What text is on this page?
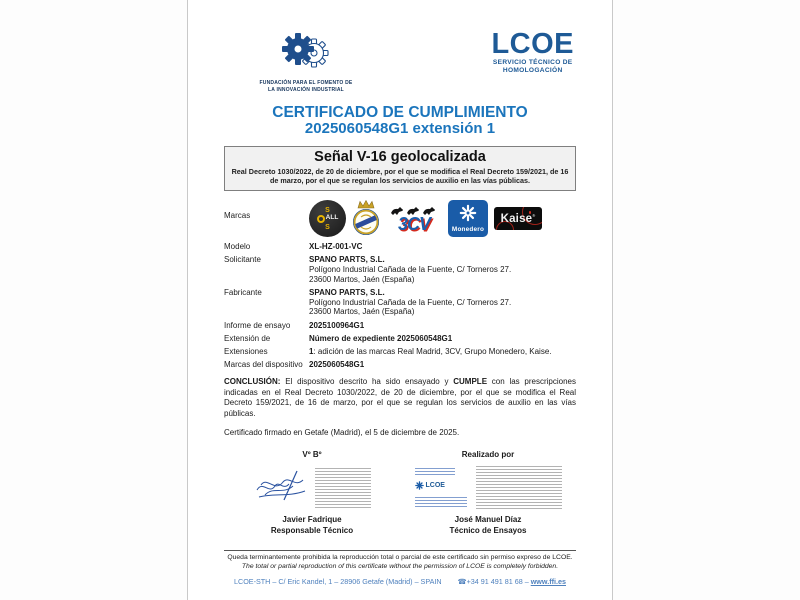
FUNDACIÓN PARA EL FOMENTO DE
LA INNOVACIÓN INDUSTRIAL
LCOE
SERVICIO TÉCNICO DE
HOMOLOGACIÓN
CERTIFICADO DE CUMPLIMIENTO
2025060548G1 extensión 1
Señal V-16 geolocalizada
Real Decreto 1030/2022, de 20 de diciembre, por el que se modifica el Real Decreto 159/2021, de 16 de marzo, por el que se regulan los servicios de auxilio en las vías públicas.
Marcas
S
ALL
S	3CV	Monedero
Kaise®
Modelo	XL-HZ-001-VC
Solicitante	SPANO PARTS, S.L.
Polígono Industrial Cañada de la Fuente, C/ Torneros 27.
23600 Martos, Jaén (España)
Fabricante	SPANO PARTS, S.L.
Polígono Industrial Cañada de la Fuente, C/ Torneros 27.
23600 Martos, Jaén (España)
Informe de ensayo	2025100964G1
Extensión de	Número de expediente 2025060548G1
Extensiones	1: adición de las marcas Real Madrid, 3CV, Grupo Monedero, Kaise.
Marcas del dispositivo 2025060548G1
CONCLUSIÓN: El dispositivo descrito ha sido ensayado y CUMPLE con las prescripciones indicadas en el Real Decreto 1030/2022, de 20 de diciembre, por el que se modifica el Real Decreto 159/2021, de 16 de marzo, por el que se regulan los servicios de auxilio en las vías públicas.
Certificado firmado en Getafe (Madrid), el 5 de diciembre de 2025.
Vº Bº
Javier Fadrique
Responsable Técnico
Realizado por
LCOE
José Manuel Díaz
Técnico de Ensayos
Queda terminantemente prohibida la reproducción total o parcial de este certificado sin permiso expreso de LCOE.
The total or partial reproduction of this certificate without the permission of LCOE is completely forbidden.
LCOE-STH – C/ Eric Kandel, 1 – 28906 Getafe (Madrid) – SPAIN ☎+34 91 491 81 68 – www.ffi.es
